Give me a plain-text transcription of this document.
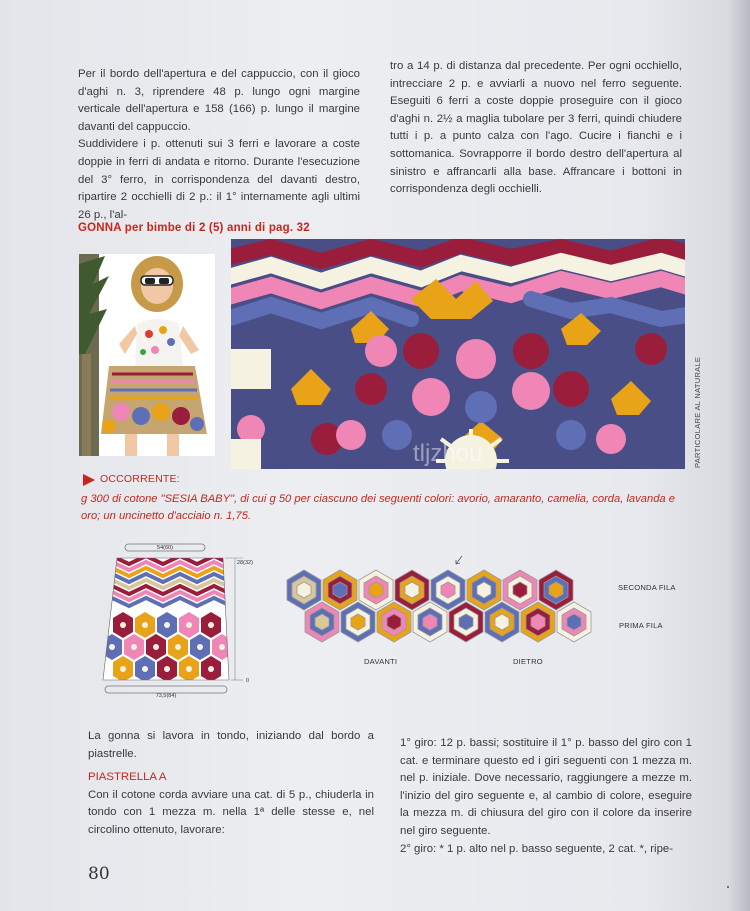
Per il bordo dell'apertura e del cappuccio, con il gioco d'aghi n. 3, riprendere 48 p. lungo ogni margine verticale dell'apertura e 158 (166) p. lungo il margine davanti del cappuccio.

Suddividere i p. ottenuti sui 3 ferri e lavorare a coste doppie in ferri di andata e ritorno. Durante l'esecuzione del 3° ferro, in corrispondenza del davanti destro, ripartire 2 occhielli di 2 p.: il 1° internamente agli ultimi 26 p., l'al-

tro a 14 p. di distanza dal precedente. Per ogni occhiello, intrecciare 2 p. e avviarli a nuovo nel ferro seguente. Eseguiti 6 ferri a coste doppie proseguire con il gioco d'aghi n. 2½ a maglia tubolare per 3 ferri, quindi chiudere tutti i p. a punto calza con l'ago. Cucire i fianchi e i sottomanica. Sovrapporre il bordo destro dell'apertura al sinistro e affrancarli alla base. Affrancare i bottoni in corrispondenza degli occhielli.

GONNA per bimbe di 2 (5) anni di pag. 32
tljzhou	PARTICOLARE AL NATURALE
OCCORRENTE:
g 300 di cotone "SESIA BABY", di cui g 50 per ciascuno dei seguenti colori: avorio, amaranto, camelia, corda, lavanda e oro; un uncinetto d'acciaio n. 1,75.
54(60)
28(32)
0
73,5(84)
SECONDA FILA
PRIMA FILA
DAVANTI	DIETRO

La gonna si lavora in tondo, iniziando dal bordo a piastrelle.

PIASTRELLA A

Con il cotone corda avviare una cat. di 5 p., chiuderla in tondo con 1 mezza m. nella 1ª delle stesse e, nel circolino ottenuto, lavorare:

1° giro: 12 p. bassi; sostituire il 1° p. basso del giro con 1 cat. e terminare questo ed i giri seguenti con 1 mezza m. nel p. iniziale. Dove necessario, raggiungere a mezze m. l'inizio del giro seguente e, al cambio di colore, eseguire la mezza m. di chiusura del giro con il colore da inserire nel giro seguente.

2° giro: * 1 p. alto nel p. basso seguente, 2 cat. *, ripe-

80
